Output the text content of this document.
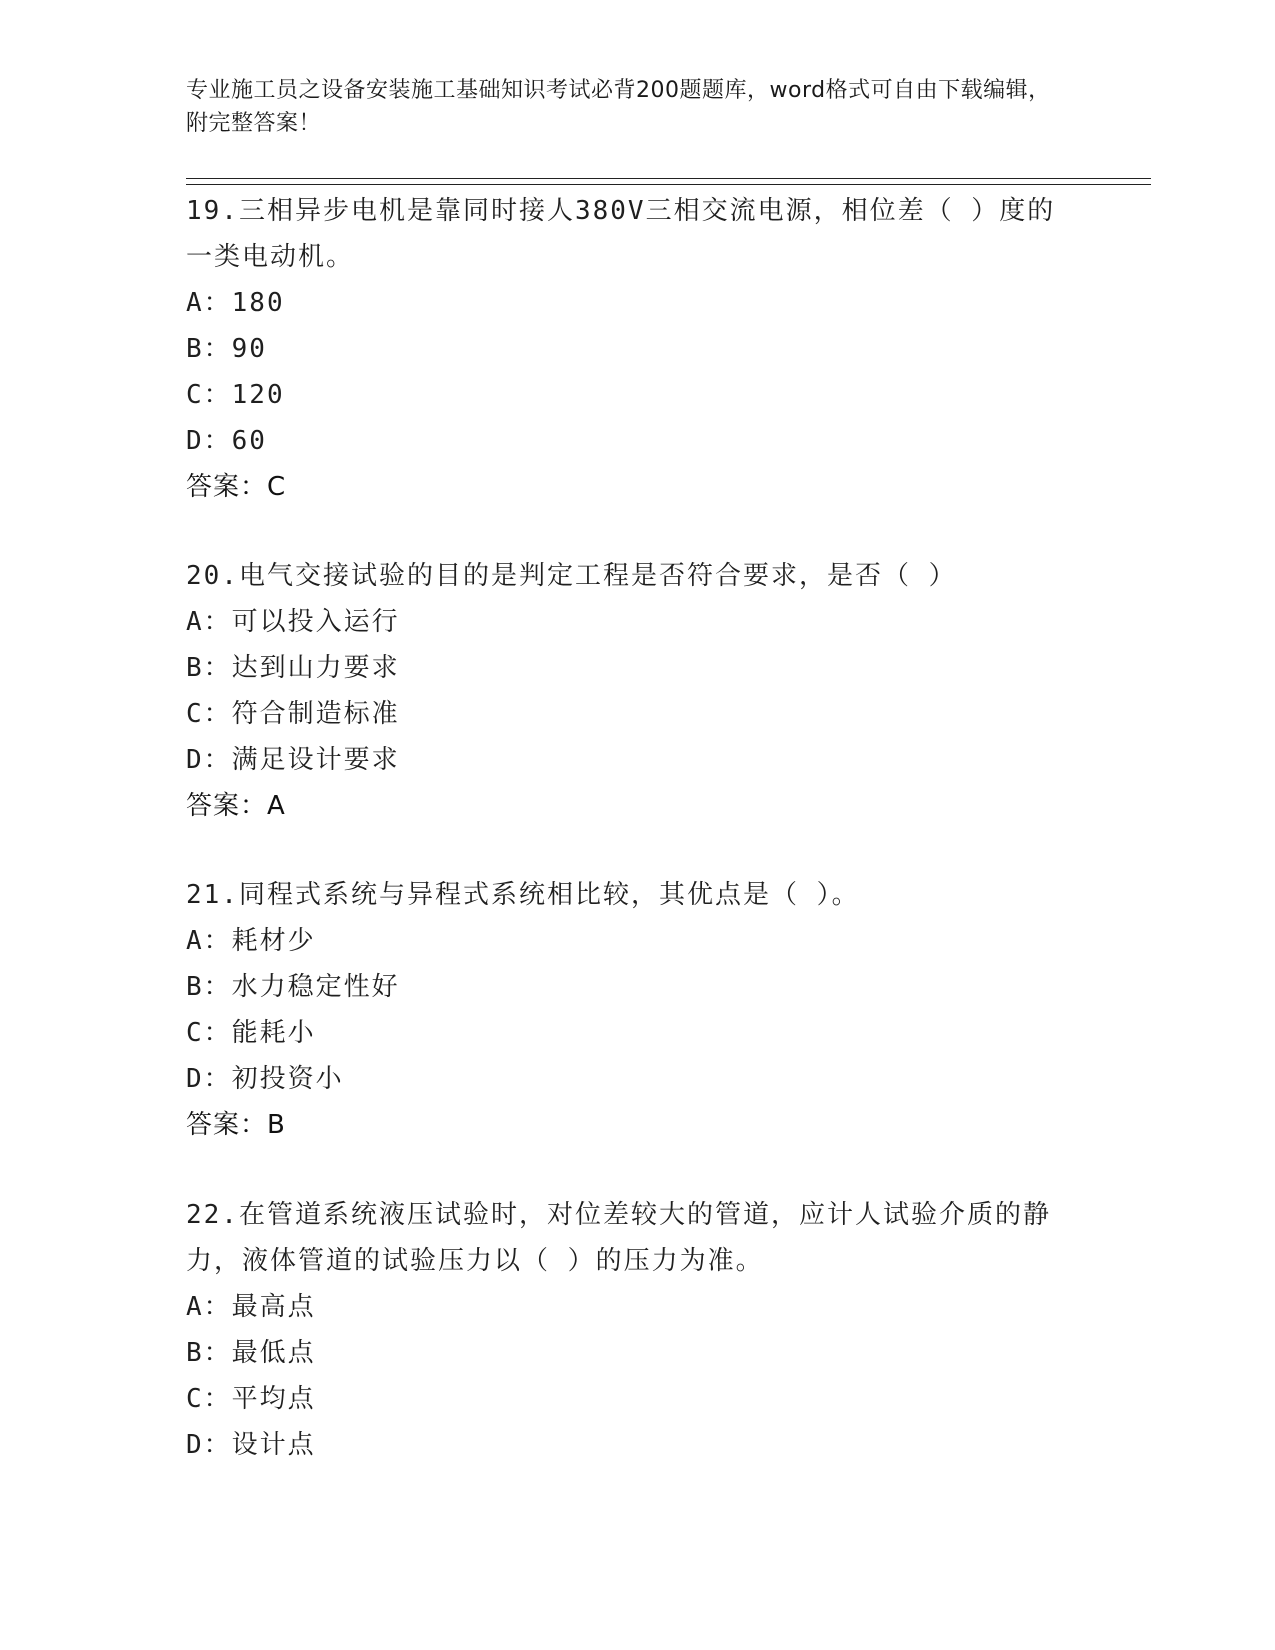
专业施工员之设备安装施工基础知识考试必背200题题库，word格式可自由下载编辑，附完整答案！

19.三相异步电机是靠同时接人380V三相交流电源，相位差（ ）度的

一类电动机。

A：180

B：90

C：120

D：60

答案：C

20.电气交接试验的目的是判定工程是否符合要求，是否（ ）

A：可以投入运行

B：达到山力要求

C：符合制造标准

D：满足设计要求

答案：A

21.同程式系统与异程式系统相比较，其优点是（ ）。

A：耗材少

B：水力稳定性好

C：能耗小

D：初投资小

答案：B

22.在管道系统液压试验时，对位差较大的管道，应计人试验介质的静

力，液体管道的试验压力以（ ）的压力为准。

A：最高点

B：最低点

C：平均点

D：设计点
